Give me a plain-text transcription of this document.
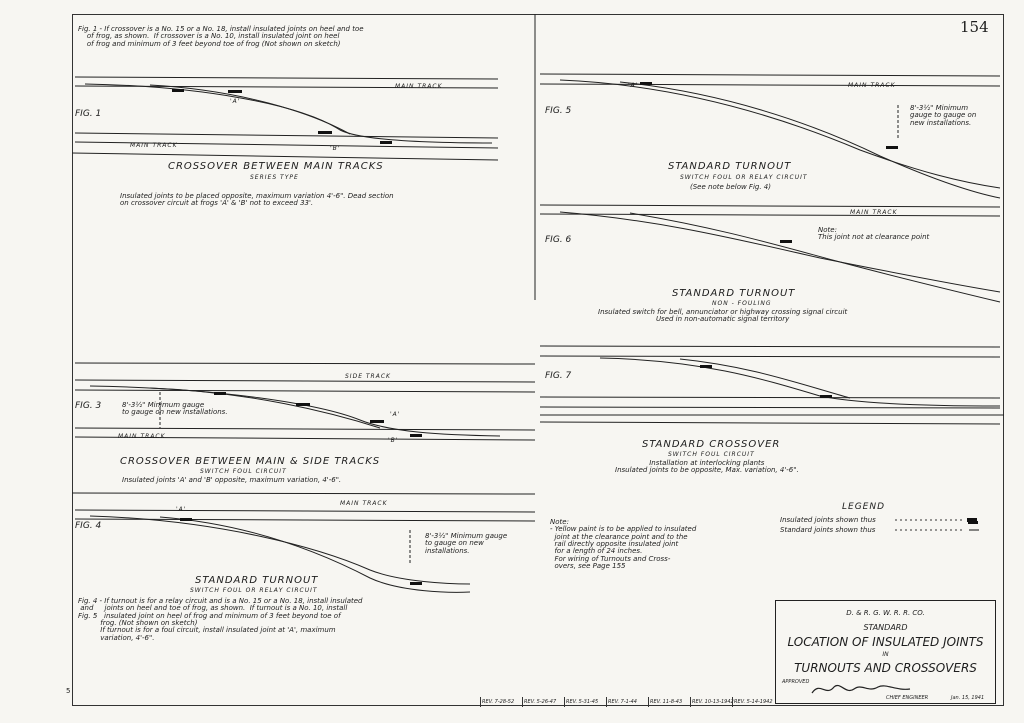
154
5
Fig. 1 - If crossover is a No. 15 or a No. 18, install insulated joints on heel and toe
of frog, as shown.  If crossover is a No. 10, install insulated joint on heel
of frog and minimum of 3 feet beyond toe of frog (Not shown on sketch)
FIG. 1
MAIN TRACK
MAIN TRACK
'A'
'B'
CROSSOVER BETWEEN MAIN TRACKS
SERIES TYPE
Insulated joints to be placed opposite, maximum variation 4'-6". Dead section
on crossover circuit at frogs 'A' & 'B' not to exceed 33'.
FIG. 3
SIDE TRACK
MAIN TRACK
'A'
'B'
8'-3½" Minimum gauge
to gauge on new installations.
CROSSOVER BETWEEN MAIN & SIDE TRACKS
SWITCH FOUL CIRCUIT
Insulated joints 'A' and 'B' opposite, maximum variation, 4'-6".
FIG. 4
MAIN TRACK
'A'
8'-3½" Minimum gauge
to gauge on new
installations.
STANDARD TURNOUT
SWITCH FOUL OR RELAY CIRCUIT
Fig. 4 - If turnout is for a relay circuit and is a No. 15 or a No. 18, install insulated
and     joints on heel and toe of frog, as shown.  If turnout is a No. 10, install
Fig. 5   insulated joint on heel of frog and minimum of 3 feet beyond toe of
frog. (Not shown on sketch)
If turnout is for a foul circuit, install insulated joint at 'A', maximum
variation, 4'-6".
FIG. 5
MAIN TRACK
'A'
8'-3½" Minimum
gauge to gauge on
new installations.
STANDARD TURNOUT
SWITCH FOUL OR RELAY CIRCUIT
(See note below Fig. 4)
FIG. 6
MAIN TRACK
Note:
This joint not at clearance point
STANDARD TURNOUT
NON - FOULING
Insulated switch for bell, annunciator or highway crossing signal circuit
Used in non-automatic signal territory
FIG. 7
STANDARD CROSSOVER
SWITCH FOUL CIRCUIT
Installation at interlocking plants
Insulated joints to be opposite, Max. variation, 4'-6".
Note:
- Yellow paint is to be applied to insulated
joint at the clearance point and to the
rail directly opposite insulated joint
for a length of 24 inches.
For wiring of Turnouts and Cross-
overs, see Page 155
LEGEND
Insulated joints shown thus
Standard joints shown thus
D. & R. G. W. R. R. CO.
STANDARD
LOCATION OF INSULATED JOINTS
IN
TURNOUTS AND CROSSOVERS
APPROVED
CHIEF ENGINEER	Jan. 15, 1941
REV. 7-28-52	REV. 5-26-47	REV. 5-31-45	REV. 7-1-44	REV. 11-8-43	REV. 10-13-1942 REV. 5-14-1942
